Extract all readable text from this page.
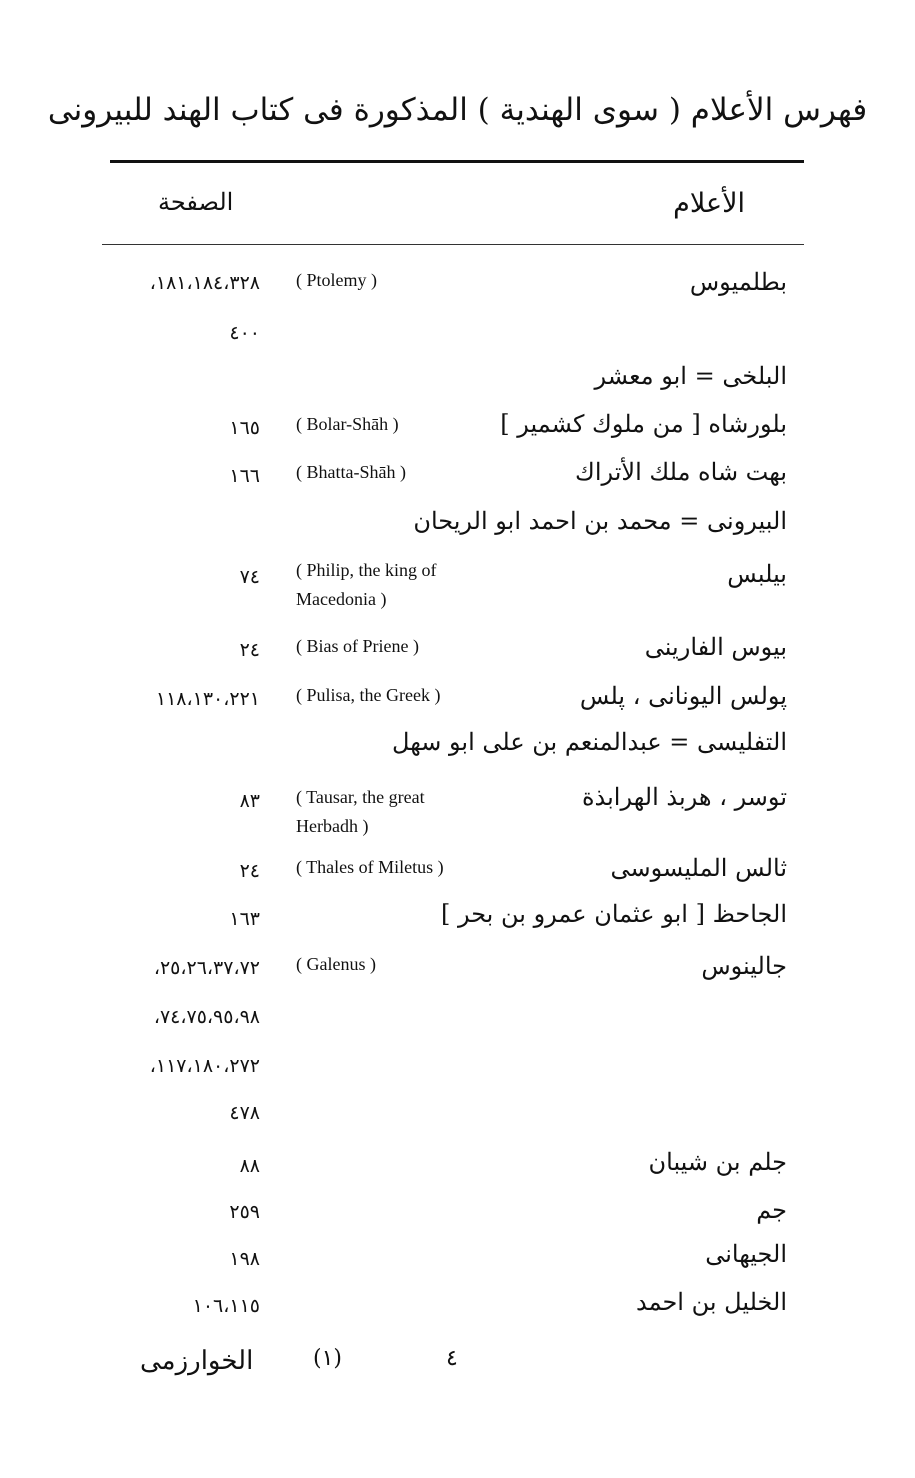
فهرس الأعلام ( سوى الهندية ) المذكورة فى كتاب الهند للبيرونى
الأعلام
الصفحة
بطلميوس
( Ptolemy )
١٨١،١٨٤،٣٢٨،
٤٠٠
البلخى = ابو معشر
بلورشاه [ من ملوك كشمير ]
( Bolar-Shāh )
١٦٥
بهت شاه ملك الأتراك
( Bhatta-Shāh )
١٦٦
البيرونى = محمد بن احمد ابو الريحان
بيلبس
( Philip, the king of
Macedonia )
٧٤
بيوس الفارينى
( Bias of Priene )
٢٤
پولس اليونانى ، پلس
( Pulisa, the Greek )
١١٨،١٣٠،٢٢١
التفليسى = عبدالمنعم بن على ابو سهل
توسر ، هربذ الهرابذة
( Tausar, the great
Herbadh )
٨٣
ثالس المليسوسى
( Thales of Miletus )
٢٤
الجاحظ [ ابو عثمان عمرو بن بحر ]
١٦٣
جالينوس
( Galenus )
٢٥،٢٦،٣٧،٧٢،
٧٤،٧٥،٩٥،٩٨،
١١٧،١٨٠،٢٧٢،
٤٧٨
جلم بن شيبان
٨٨
جم
٢٥٩
الجيهانى
١٩٨
الخليل بن احمد
١٠٦،١١٥
الخوارزمى	(١)	٤
